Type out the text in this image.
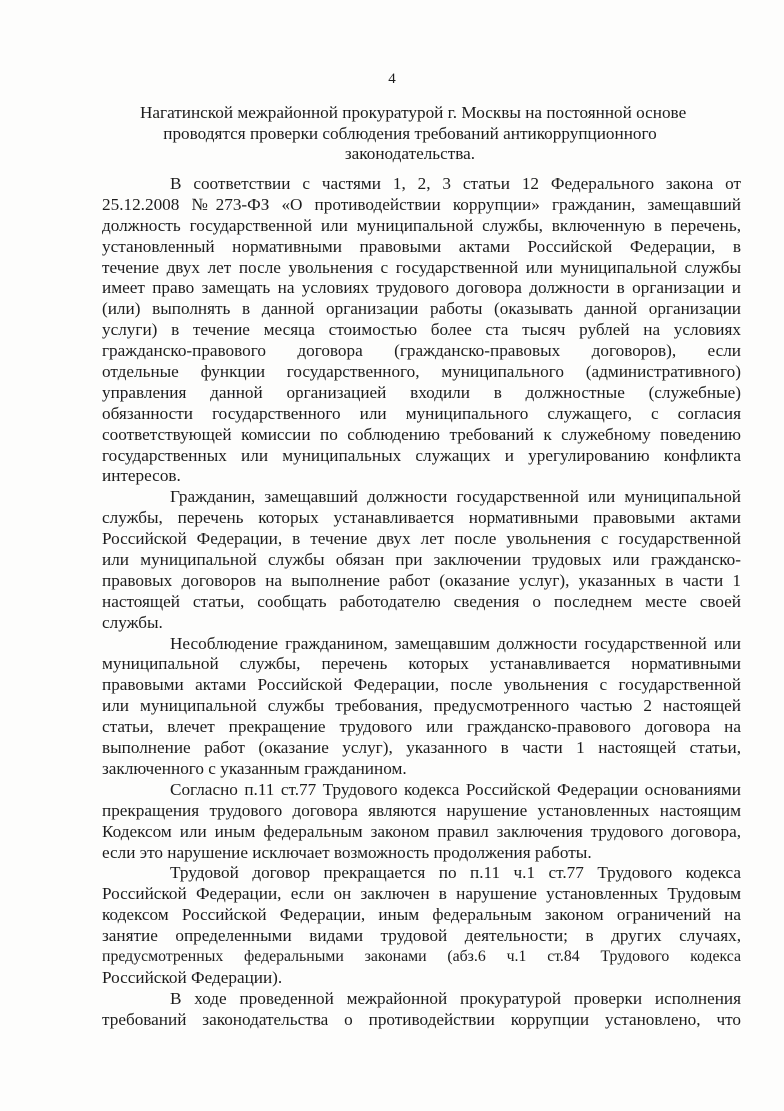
4
Нагатинской межрайонной прокуратурой г. Москвы на постоянной основе
проводятся проверки соблюдения требований антикоррупционного
законодательства.
В соответствии с частями 1, 2, 3 статьи 12 Федерального закона от
25.12.2008 №273-ФЗ «О противодействии коррупции» гражданин, замещавший
должность государственной или муниципальной службы, включенную в перечень,
установленный нормативными правовыми актами Российской Федерации, в
течение двух лет после увольнения с государственной или муниципальной службы
имеет право замещать на условиях трудового договора должности в организации и
(или) выполнять в данной организации работы (оказывать данной организации
услуги) в течение месяца стоимостью более ста тысяч рублей на условиях
гражданско-правового договора (гражданско-правовых договоров), если
отдельные функции государственного, муниципального (административного)
управления данной организацией входили в должностные (служебные)
обязанности государственного или муниципального служащего, с согласия
соответствующей комиссии по соблюдению требований к служебному поведению
государственных или муниципальных служащих и урегулированию конфликта
интересов.
Гражданин, замещавший должности государственной или муниципальной
службы, перечень которых устанавливается нормативными правовыми актами
Российской Федерации, в течение двух лет после увольнения с государственной
или муниципальной службы обязан при заключении трудовых или гражданско-
правовых договоров на выполнение работ (оказание услуг), указанных в части 1
настоящей статьи, сообщать работодателю сведения о последнем месте своей
службы.
Несоблюдение гражданином, замещавшим должности государственной или
муниципальной службы, перечень которых устанавливается нормативными
правовыми актами Российской Федерации, после увольнения с государственной
или муниципальной службы требования, предусмотренного частью 2 настоящей
статьи, влечет прекращение трудового или гражданско-правового договора на
выполнение работ (оказание услуг), указанного в части 1 настоящей статьи,
заключенного с указанным гражданином.
Согласно п.11 ст.77 Трудового кодекса Российской Федерации основаниями
прекращения трудового договора являются нарушение установленных настоящим
Кодексом или иным федеральным законом правил заключения трудового договора,
если это нарушение исключает возможность продолжения работы.
Трудовой договор прекращается по п.11 ч.1 ст.77 Трудового кодекса
Российской Федерации, если он заключен в нарушение установленных Трудовым
кодексом Российской Федерации, иным федеральным законом ограничений на
занятие определенными видами трудовой деятельности; в других случаях,
предусмотренных федеральными законами (абз.6 ч.1 ст.84 Трудового кодекса
Российской Федерации).
В ходе проведенной межрайонной прокуратурой проверки исполнения
требований законодательства о противодействии коррупции установлено, что
